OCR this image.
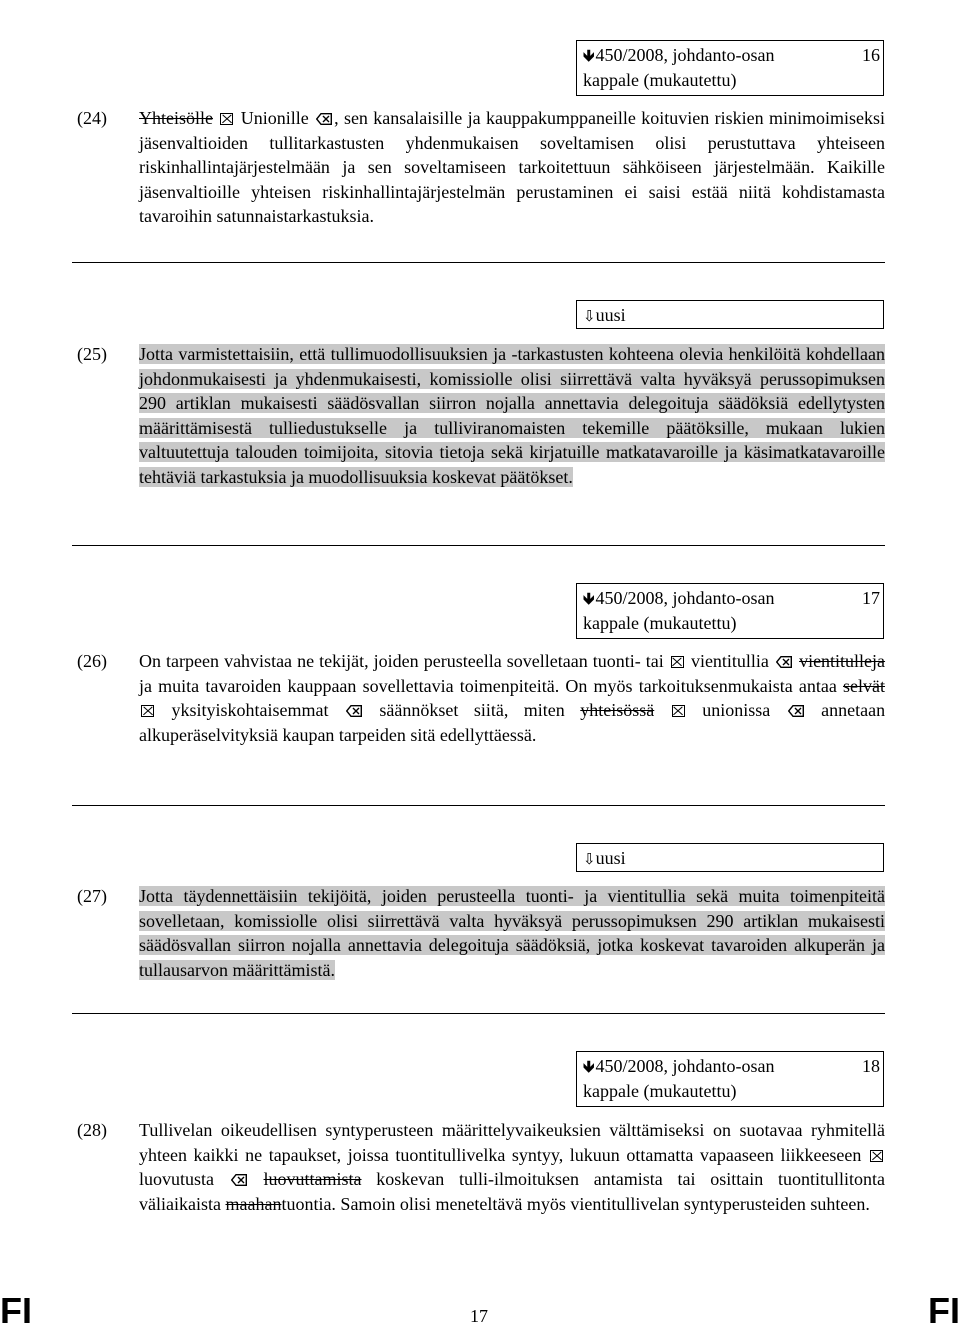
🡻450/2008, johdanto-osan	16
kappale (mukautettu)
(24) Yhteisölle Unionille , sen kansalaisille ja kauppakumppaneille koituvien riskien minimoimiseksi jäsenvaltioiden tullitarkastusten yhdenmukaisen soveltamisen olisi perustuttava yhteiseen riskinhallintajärjestelmään ja sen soveltamiseen tarkoitettuun sähköiseen järjestelmään. Kaikille jäsenvaltioille yhteisen riskinhallintajärjestelmän perustaminen ei saisi estää niitä kohdistamasta tavaroihin satunnaistarkastuksia.
⇩uusi
(25) Jotta varmistettaisiin, että tullimuodollisuuksien ja -tarkastusten kohteena olevia henkilöitä kohdellaan johdonmukaisesti ja yhdenmukaisesti, komissiolle olisi siirrettävä valta hyväksyä perussopimuksen 290 artiklan mukaisesti säädösvallan siirron nojalla annettavia delegoituja säädöksiä edellytysten määrittämisestä tulliedustukselle ja tulliviranomaisten tekemille päätöksille, mukaan lukien valtuutettuja talouden toimijoita, sitovia tietoja sekä kirjatuille matkatavaroille ja käsimatkatavaroille tehtäviä tarkastuksia ja muodollisuuksia koskevat päätökset.
🡻450/2008, johdanto-osan	17
kappale (mukautettu)
(26) On tarpeen vahvistaa ne tekijät, joiden perusteella sovelletaan tuonti- tai vientitullia vientitulleja ja muita tavaroiden kauppaan sovellettavia toimenpiteitä. On myös tarkoituksenmukaista antaa selvät  yksityiskohtaisemmat	säännökset siitä, miten yhteisössä	unionissa	annetaan alkuperäselvityksiä kaupan tarpeiden sitä edellyttäessä.
⇩uusi
(27) Jotta täydennettäisiin tekijöitä, joiden perusteella tuonti- ja vientitullia sekä muita toimenpiteitä sovelletaan, komissiolle olisi siirrettävä valta hyväksyä perussopimuksen 290 artiklan mukaisesti säädösvallan siirron nojalla annettavia delegoituja säädöksiä, jotka koskevat tavaroiden alkuperän ja tullausarvon määrittämistä.
🡻450/2008, johdanto-osan	18
kappale (mukautettu)
(28) Tullivelan oikeudellisen syntyperusteen määrittelyvaikeuksien välttämiseksi on suotavaa ryhmitellä yhteen kaikki ne tapaukset, joissa tuontitullivelka syntyy, lukuun ottamatta vapaaseen liikkeeseen  luovutusta	luovuttamista koskevan tulli-ilmoituksen antamista tai osittain tuontitullitonta väliaikaista maahantuontia. Samoin olisi meneteltävä myös vientitullivelan syntyperusteiden suhteen.
FI	17	FI
